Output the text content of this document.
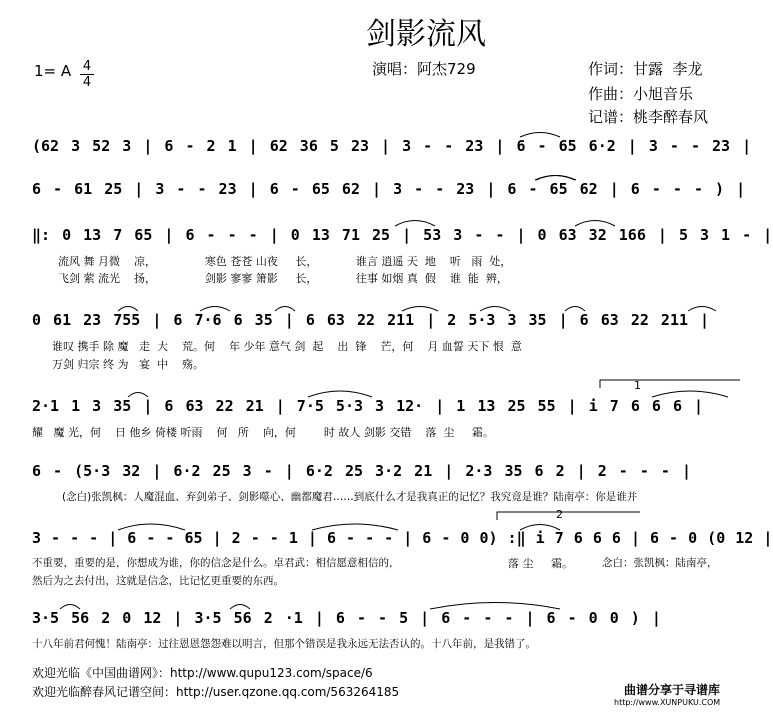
剑影流风
1= A 4
4
演唱：阿杰729	作词：甘露  李龙
作曲：小旭音乐
记谱：桃李醉春风
(62 3 52 3 | 6 - 2 1 | 62 36 5 23 | 3 - - 23 | 6 - 65 6·2 | 3 - - 23 |
6 - 61 25 | 3 - - 23 | 6 - 65 62 | 3 - - 23 | 6 - 65 62 | 6 - - - ) |
‖: 0 13 7 65 | 6 - - - | 0 13 71 25 | 53 3 - - | 0 63 32 166 | 5 3 1 - |
流风 舞 月微    凉，              寒色 苍苍 山夜     长，           谁言 逍遥 天  地    听   雨  处，
飞剑 萦 流光    扬，              剑影 寥寥 箫影     长，           往事 如烟 真  假    谁  能  辨，
0 61 23 755 | 6 7·6 6 35 | 6 63 22 211 | 2 5·3 3 35 | 6 63 22 211 |
谁叹 携手 除 魔   走  大    荒。何    年 少年 意气 剑  起    出  锋    芒，何    月 血誓 天下 恨  意
万剑 归宗 终 为   宴  中    殇。
1
2·1 1 3 35 | 6 63 22 21 | 7·5 5·3 3 12· | 1 13 25 55 | i 7 6 6 6 |
耀   魔 光，何    日 他乡 倚楼 听雨    何   所    向，何        时 故人 剑影 交错    落  尘     霜。
6 - (5·3 32 | 6·2 25 3 - | 6·2 25 3·2 21 | 2·3 35 6 2 | 2 - - - |
(念白)张凯枫：人魔混血、弃剑弟子、剑影噬心、幽都魔君……到底什么才是我真正的记忆？我究竟是谁？陆南亭：你是谁并
2
3 - - - | 6 - - 65 | 2 - - 1 | 6 - - - | 6 - 0 0) :‖ i 7 6 6 6 | 6 - 0 (0 12 |
不重要，重要的是，你想成为谁，你的信念是什么。卓君武：相信愿意相信的，	落 尘     霜。	念白：张凯枫：陆南亭，
然后为之去付出，这就是信念，比记忆更重要的东西。
3·5 56 2 0 12 | 3·5 56 2 ·1 | 6 - - 5 | 6 - - - | 6 - 0 0 ) |
十八年前君何愧！陆南亭：过往恩恩怨怨难以明言，但那个错误是我永远无法否认的。十八年前，是我错了。
欢迎光临《中国曲谱网》：http://www.qupu123.com/space/6
欢迎光临醉春风记谱空间：http://user.qzone.qq.com/563264185	曲谱分享于寻谱库
http://www.XUNPUKU.COM
